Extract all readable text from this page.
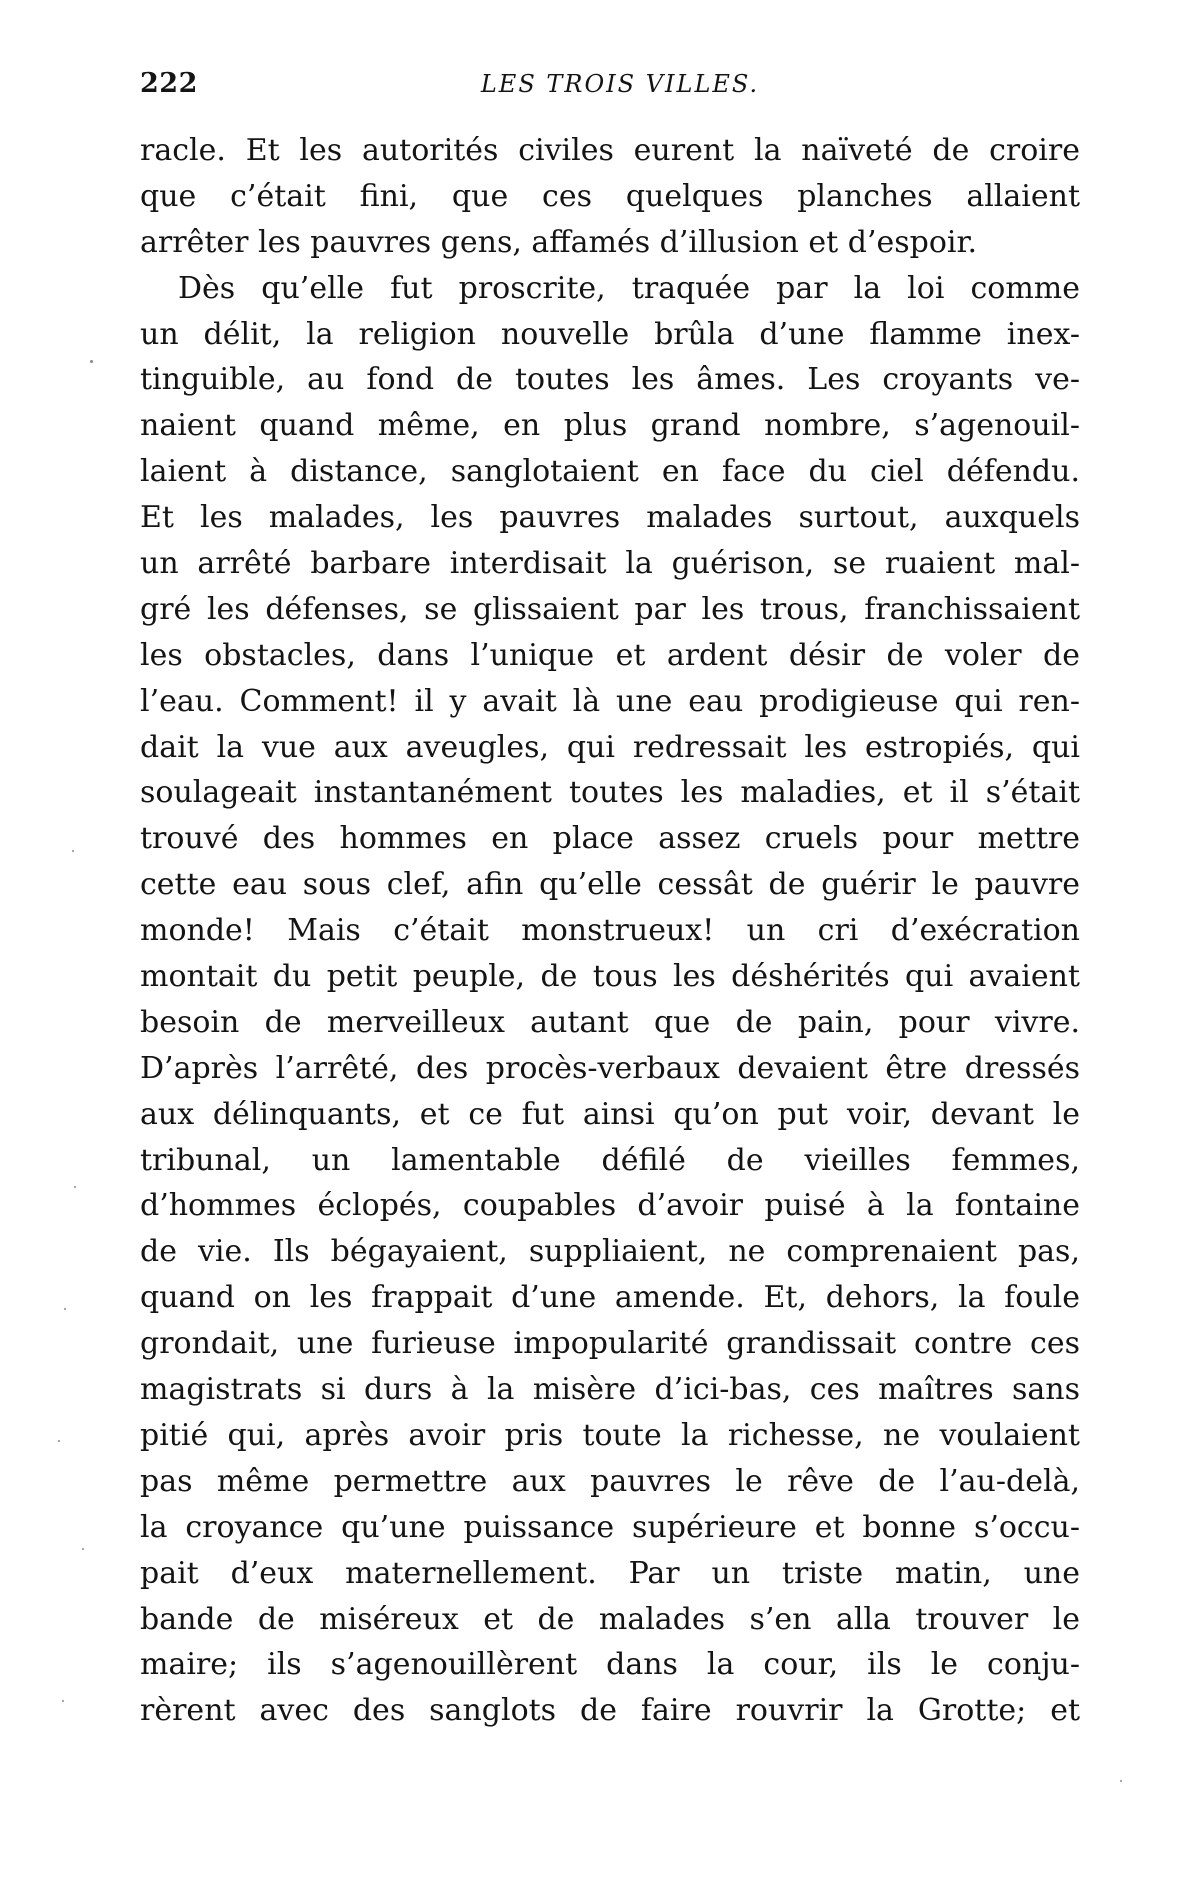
222	LES TROIS VILLES.
racle. Et les autorités civiles eurent la naïveté de croire
que c’était fini, que ces quelques planches allaient
arrêter les pauvres gens, affamés d’illusion et d’espoir.
Dès qu’elle fut proscrite, traquée par la loi comme
un délit, la religion nouvelle brûla d’une flamme inex-
tinguible, au fond de toutes les âmes. Les croyants ve-
naient quand même, en plus grand nombre, s’agenouil-
laient à distance, sanglotaient en face du ciel défendu.
Et les malades, les pauvres malades surtout, auxquels
un arrêté barbare interdisait la guérison, se ruaient mal-
gré les défenses, se glissaient par les trous, franchissaient
les obstacles, dans l’unique et ardent désir de voler de
l’eau. Comment! il y avait là une eau prodigieuse qui ren-
dait la vue aux aveugles, qui redressait les estropiés, qui
soulageait instantanément toutes les maladies, et il s’était
trouvé des hommes en place assez cruels pour mettre
cette eau sous clef, afin qu’elle cessât de guérir le pauvre
monde! Mais c’était monstrueux! un cri d’exécration
montait du petit peuple, de tous les déshérités qui avaient
besoin de merveilleux autant que de pain, pour vivre.
D’après l’arrêté, des procès-verbaux devaient être dressés
aux délinquants, et ce fut ainsi qu’on put voir, devant le
tribunal, un lamentable défilé de vieilles femmes,
d’hommes éclopés, coupables d’avoir puisé à la fontaine
de vie. Ils bégayaient, suppliaient, ne comprenaient pas,
quand on les frappait d’une amende. Et, dehors, la foule
grondait, une furieuse impopularité grandissait contre ces
magistrats si durs à la misère d’ici-bas, ces maîtres sans
pitié qui, après avoir pris toute la richesse, ne voulaient
pas même permettre aux pauvres le rêve de l’au-delà,
la croyance qu’une puissance supérieure et bonne s’occu-
pait d’eux maternellement. Par un triste matin, une
bande de miséreux et de malades s’en alla trouver le
maire; ils s’agenouillèrent dans la cour, ils le conju-
rèrent avec des sanglots de faire rouvrir la Grotte; et
